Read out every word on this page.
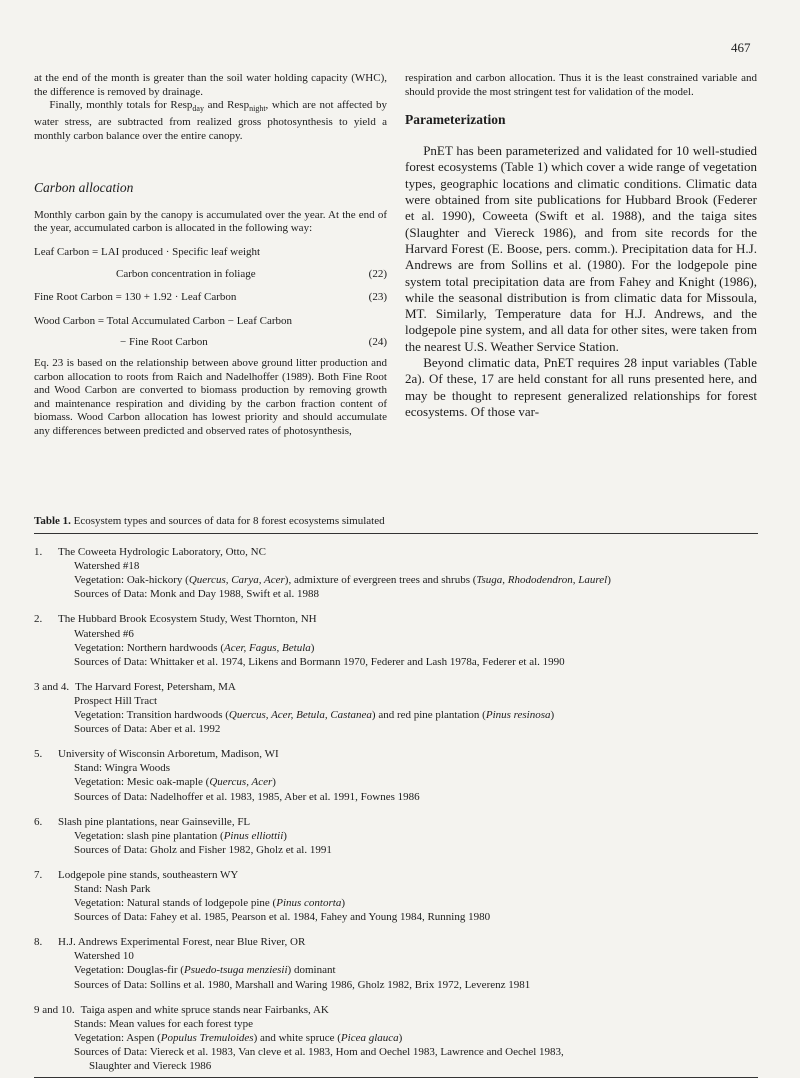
467

at the end of the month is greater than the soil water holding capacity (WHC), the difference is removed by drainage.

Finally, monthly totals for Resp$_{day}$ and Resp$_{night}$, which are not affected by water stress, are subtracted from realized gross photosynthesis to yield a monthly carbon balance over the entire canopy.

Carbon allocation

Monthly carbon gain by the canopy is accumulated over the year. At the end of the year, accumulated carbon is allocated in the following way:

Leaf Carbon = LAI produced · Specific leaf weight
Carbon concentration in foliage	(22)
Fine Root Carbon = 130 + 1.92 · Leaf Carbon	(23)
Wood Carbon = Total Accumulated Carbon − Leaf Carbon
− Fine Root Carbon	(24)

Eq. 23 is based on the relationship between above ground litter production and carbon allocation to roots from Raich and Nadelhoffer (1989). Both Fine Root and Wood Carbon are converted to biomass production by removing growth and maintenance respiration and dividing by the carbon fraction content of biomass. Wood Carbon allocation has lowest priority and should accumulate any differences between predicted and observed rates of photosynthesis,

respiration and carbon allocation. Thus it is the least constrained variable and should provide the most stringent test for validation of the model.

Parameterization

PnET has been parameterized and validated for 10 well-studied forest ecosystems (Table 1) which cover a wide range of vegetation types, geographic locations and climatic conditions. Climatic data were obtained from site publications for Hubbard Brook (Federer et al. 1990), Coweeta (Swift et al. 1988), and the taiga sites (Slaughter and Viereck 1986), and from site records for the Harvard Forest (E. Boose, pers. comm.). Precipitation data for H.J. Andrews are from Sollins et al. (1980). For the lodgepole pine system total precipitation data are from Fahey and Knight (1986), while the seasonal distribution is from climatic data for Missoula, MT. Similarly, Temperature data for H.J. Andrews, and the lodgepole pine system, and all data for other sites, were taken from the nearest U.S. Weather Service Station.

Beyond climatic data, PnET requires 28 input variables (Table 2a). Of these, 17 are held constant for all runs presented here, and may be thought to represent generalized relationships for forest ecosystems. Of those var-

Table 1. Ecosystem types and sources of data for 8 forest ecosystems simulated

1.	The Coweeta Hydrologic Laboratory, Otto, NC
Watershed #18
Vegetation: Oak-hickory (Quercus, Carya, Acer), admixture of evergreen trees and shrubs (Tsuga, Rhododendron, Laurel)
Sources of Data: Monk and Day 1988, Swift et al. 1988
2.	The Hubbard Brook Ecosystem Study, West Thornton, NH
Watershed #6
Vegetation: Northern hardwoods (Acer, Fagus, Betula)
Sources of Data: Whittaker et al. 1974, Likens and Bormann 1970, Federer and Lash 1978a, Federer et al. 1990
3 and 4. The Harvard Forest, Petersham, MA
Prospect Hill Tract
Vegetation: Transition hardwoods (Quercus, Acer, Betula, Castanea) and red pine plantation (Pinus resinosa)
Sources of Data: Aber et al. 1992
5.	University of Wisconsin Arboretum, Madison, WI
Stand: Wingra Woods
Vegetation: Mesic oak-maple (Quercus, Acer)
Sources of Data: Nadelhoffer et al. 1983, 1985, Aber et al. 1991, Fownes 1986
6.	Slash pine plantations, near Gainseville, FL
Vegetation: slash pine plantation (Pinus elliottii)
Sources of Data: Gholz and Fisher 1982, Gholz et al. 1991
7.	Lodgepole pine stands, southeastern WY
Stand: Nash Park
Vegetation: Natural stands of lodgepole pine (Pinus contorta)
Sources of Data: Fahey et al. 1985, Pearson et al. 1984, Fahey and Young 1984, Running 1980
8.	H.J. Andrews Experimental Forest, near Blue River, OR
Watershed 10
Vegetation: Douglas-fir (Psuedo-tsuga menziesii) dominant
Sources of Data: Sollins et al. 1980, Marshall and Waring 1986, Gholz 1982, Brix 1972, Leverenz 1981
9 and 10. Taiga aspen and white spruce stands near Fairbanks, AK
Stands: Mean values for each forest type
Vegetation: Aspen (Populus Tremuloides) and white spruce (Picea glauca)
Sources of Data: Viereck et al. 1983, Van cleve et al. 1983, Hom and Oechel 1983, Lawrence and Oechel 1983,
Slaughter and Viereck 1986
